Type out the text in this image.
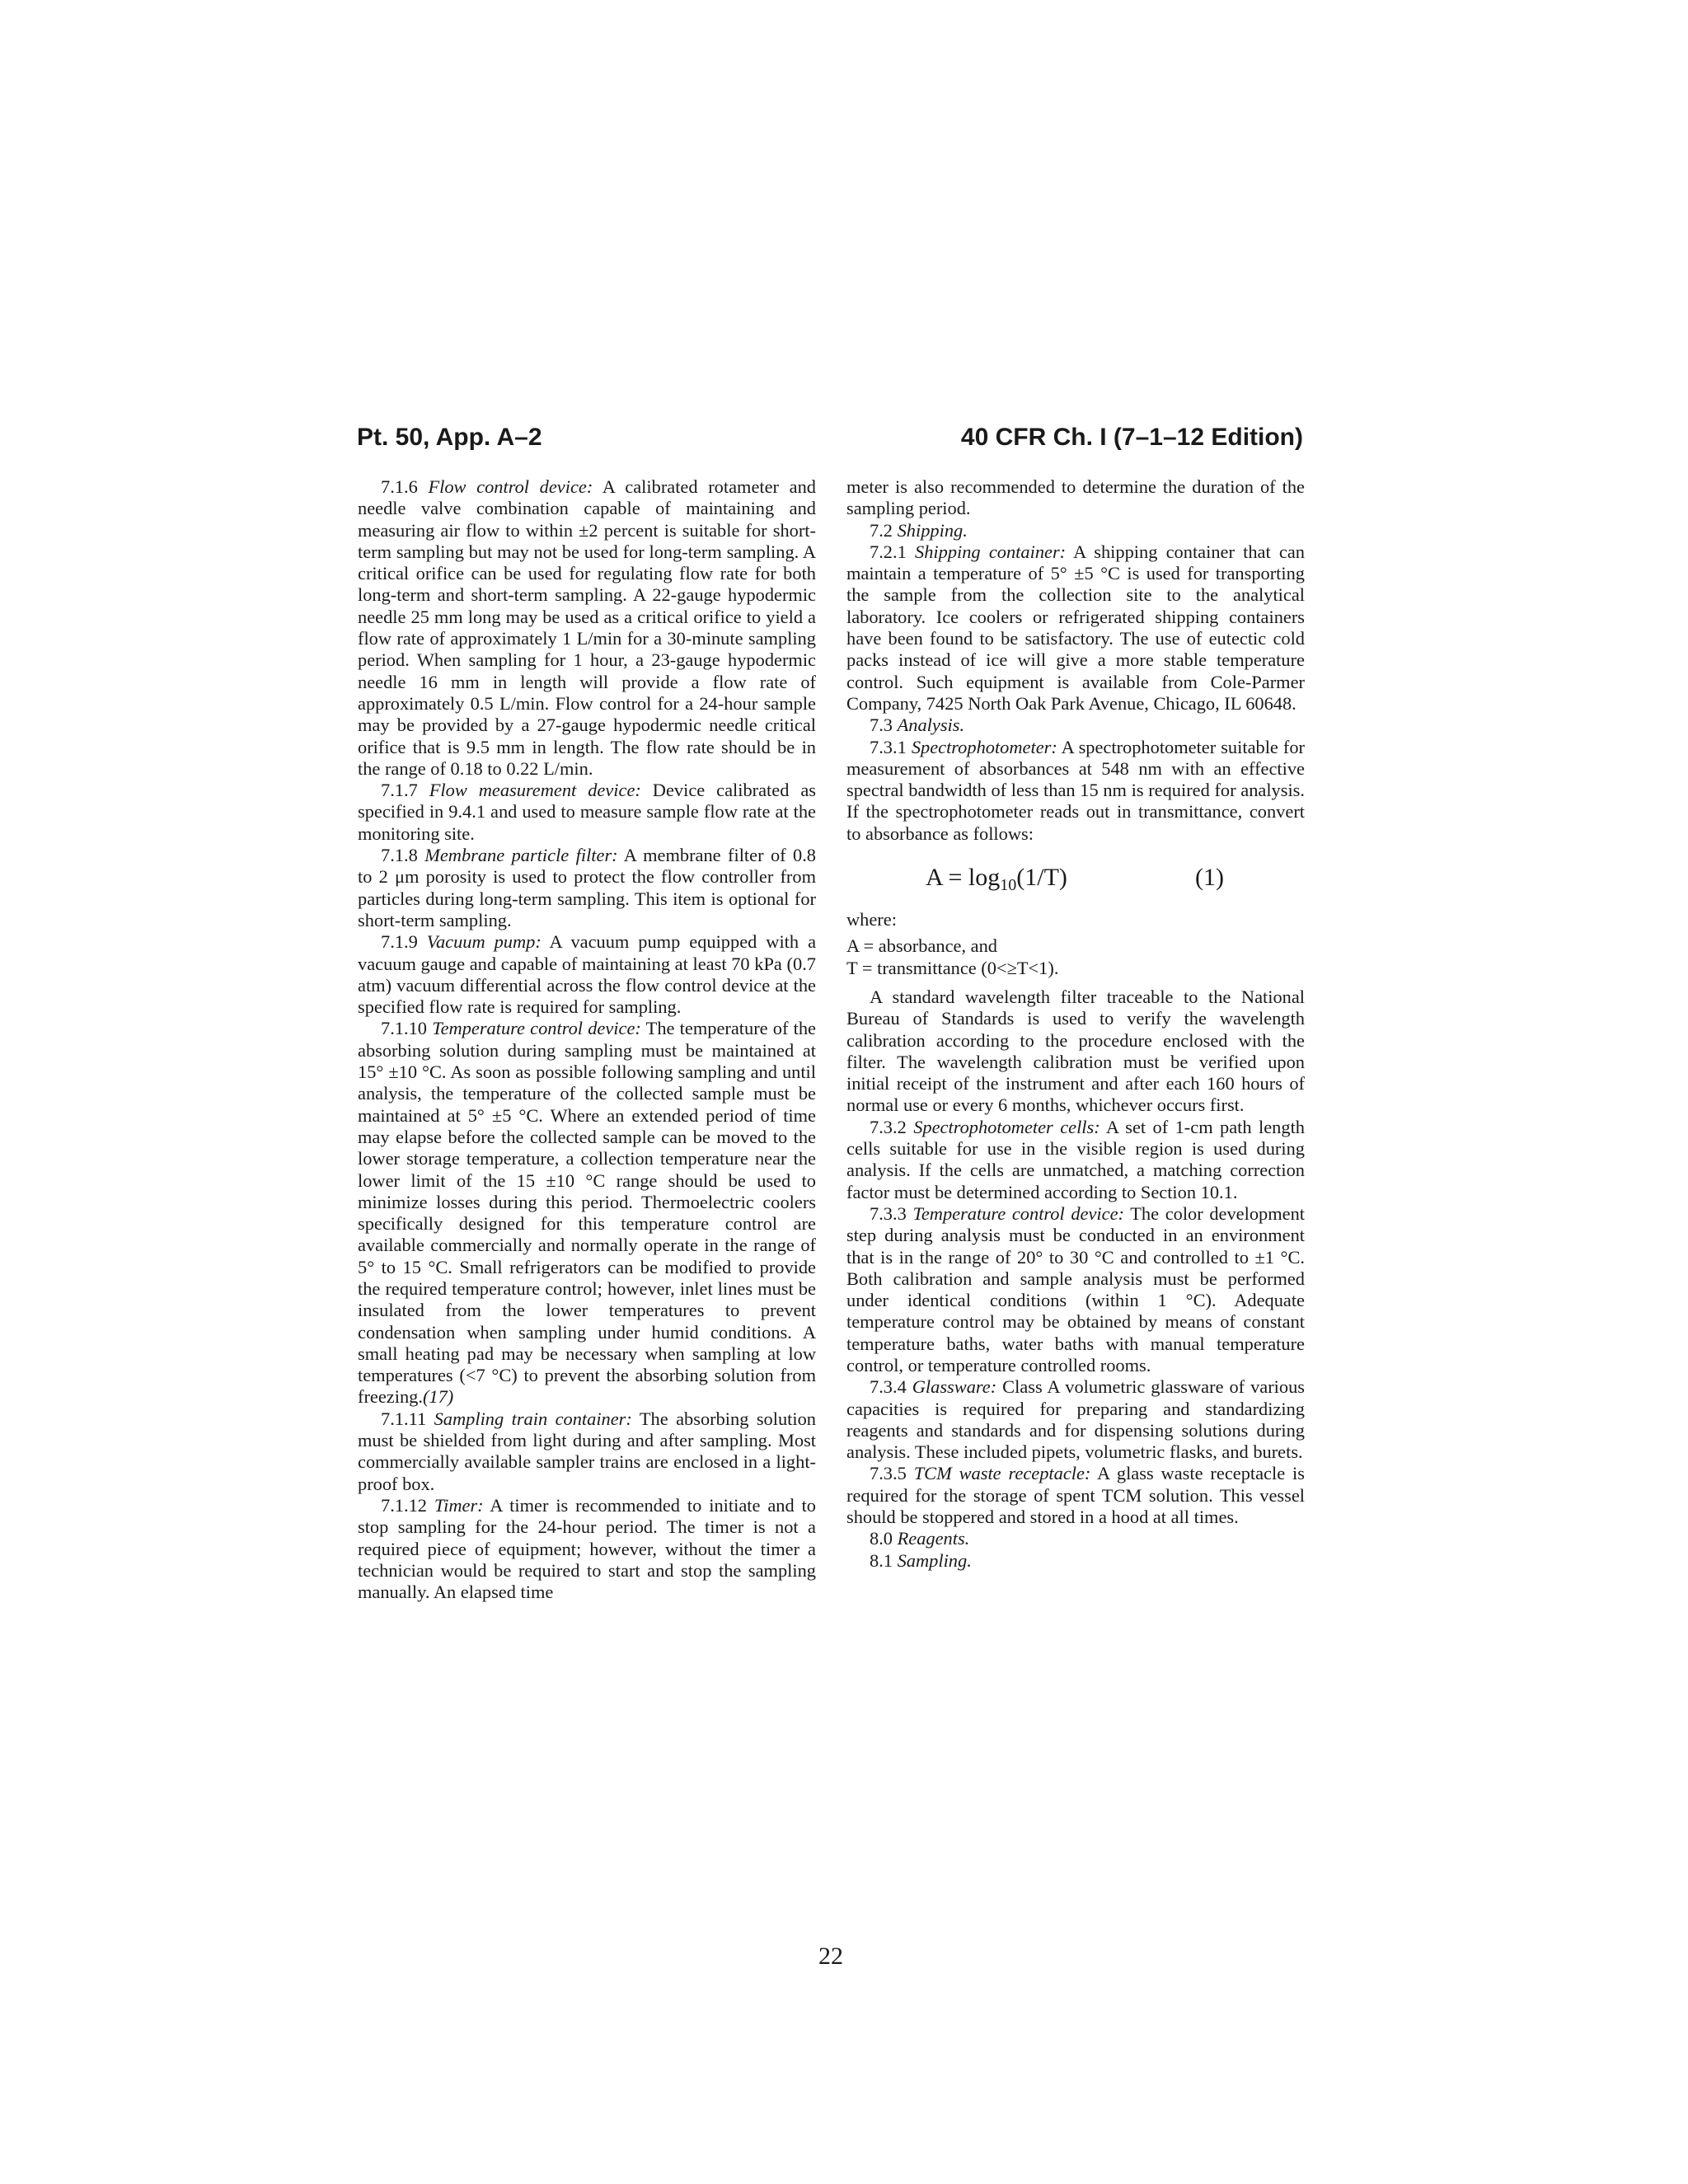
Pt. 50, App. A–2	40 CFR Ch. I (7–1–12 Edition)

7.1.6 Flow control device: A calibrated rotameter and needle valve combination capable of maintaining and measuring air flow to within ±2 percent is suitable for short-term sampling but may not be used for long-term sampling. A critical orifice can be used for regulating flow rate for both long-term and short-term sampling. A 22-gauge hypodermic needle 25 mm long may be used as a critical orifice to yield a flow rate of approximately 1 L/min for a 30-minute sampling period. When sampling for 1 hour, a 23-gauge hypodermic needle 16 mm in length will provide a flow rate of approximately 0.5 L/min. Flow control for a 24-hour sample may be provided by a 27-gauge hypodermic needle critical orifice that is 9.5 mm in length. The flow rate should be in the range of 0.18 to 0.22 L/min.

7.1.7 Flow measurement device: Device calibrated as specified in 9.4.1 and used to measure sample flow rate at the monitoring site.

7.1.8 Membrane particle filter: A membrane filter of 0.8 to 2 μm porosity is used to protect the flow controller from particles during long-term sampling. This item is optional for short-term sampling.

7.1.9 Vacuum pump: A vacuum pump equipped with a vacuum gauge and capable of maintaining at least 70 kPa (0.7 atm) vacuum differential across the flow control device at the specified flow rate is required for sampling.

7.1.10 Temperature control device: The temperature of the absorbing solution during sampling must be maintained at 15° ±10 °C. As soon as possible following sampling and until analysis, the temperature of the collected sample must be maintained at 5° ±5 °C. Where an extended period of time may elapse before the collected sample can be moved to the lower storage temperature, a collection temperature near the lower limit of the 15 ±10 °C range should be used to minimize losses during this period. Thermoelectric coolers specifically designed for this temperature control are available commercially and normally operate in the range of 5° to 15 °C. Small refrigerators can be modified to provide the required temperature control; however, inlet lines must be insulated from the lower temperatures to prevent condensation when sampling under humid conditions. A small heating pad may be necessary when sampling at low temperatures (<7 °C) to prevent the absorbing solution from freezing.(17)

7.1.11 Sampling train container: The absorbing solution must be shielded from light during and after sampling. Most commercially available sampler trains are enclosed in a light-proof box.

7.1.12 Timer: A timer is recommended to initiate and to stop sampling for the 24-hour period. The timer is not a required piece of equipment; however, without the timer a technician would be required to start and stop the sampling manually. An elapsed time

meter is also recommended to determine the duration of the sampling period.

7.2 Shipping.

7.2.1 Shipping container: A shipping container that can maintain a temperature of 5° ±5 °C is used for transporting the sample from the collection site to the analytical laboratory. Ice coolers or refrigerated shipping containers have been found to be satisfactory. The use of eutectic cold packs instead of ice will give a more stable temperature control. Such equipment is available from Cole-Parmer Company, 7425 North Oak Park Avenue, Chicago, IL 60648.

7.3 Analysis.

7.3.1 Spectrophotometer: A spectrophotometer suitable for measurement of absorbances at 548 nm with an effective spectral bandwidth of less than 15 nm is required for analysis. If the spectrophotometer reads out in transmittance, convert to absorbance as follows:

$A = \log_{10}(1/T)$	(1)

where:

A = absorbance, and

T = transmittance (0<≥T<1).

A standard wavelength filter traceable to the National Bureau of Standards is used to verify the wavelength calibration according to the procedure enclosed with the filter. The wavelength calibration must be verified upon initial receipt of the instrument and after each 160 hours of normal use or every 6 months, whichever occurs first.

7.3.2 Spectrophotometer cells: A set of 1-cm path length cells suitable for use in the visible region is used during analysis. If the cells are unmatched, a matching correction factor must be determined according to Section 10.1.

7.3.3 Temperature control device: The color development step during analysis must be conducted in an environment that is in the range of 20° to 30 °C and controlled to ±1 °C. Both calibration and sample analysis must be performed under identical conditions (within 1 °C). Adequate temperature control may be obtained by means of constant temperature baths, water baths with manual temperature control, or temperature controlled rooms.

7.3.4 Glassware: Class A volumetric glassware of various capacities is required for preparing and standardizing reagents and standards and for dispensing solutions during analysis. These included pipets, volumetric flasks, and burets.

7.3.5 TCM waste receptacle: A glass waste receptacle is required for the storage of spent TCM solution. This vessel should be stoppered and stored in a hood at all times.

8.0 Reagents.

8.1 Sampling.

22
